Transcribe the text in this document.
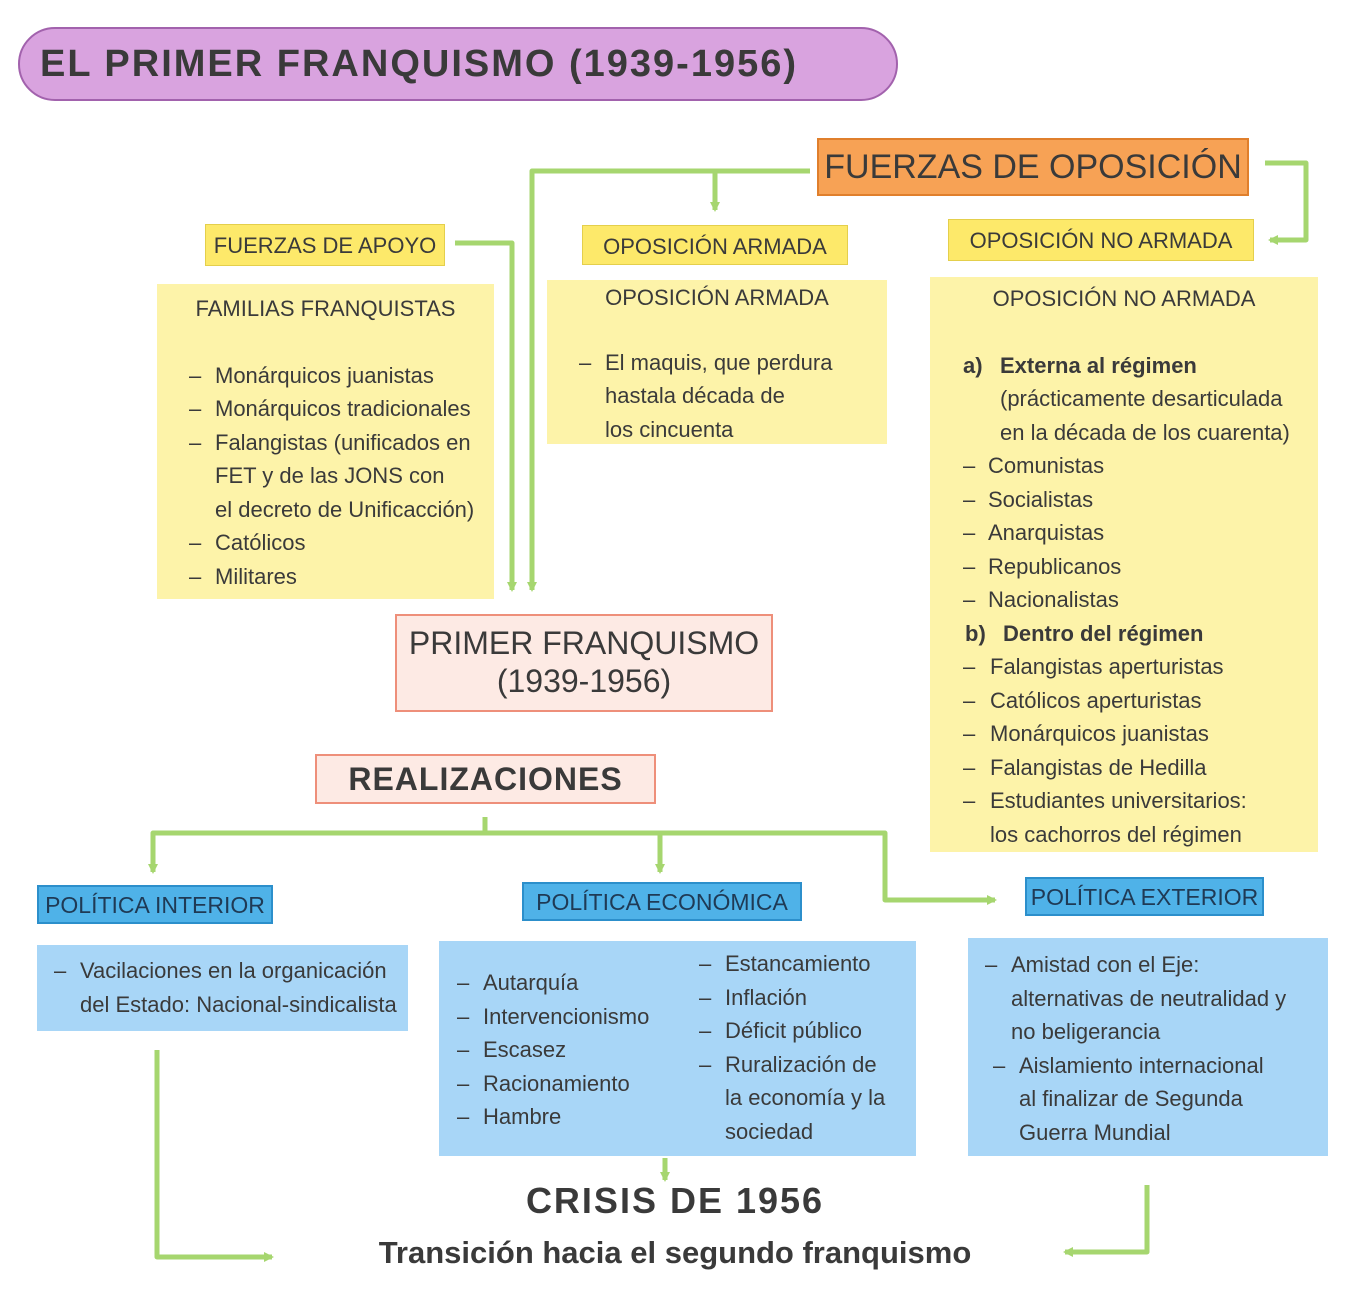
EL PRIMER FRANQUISMO (1939-1956)
FUERZAS DE OPOSICIÓN
FUERZAS DE APOYO	OPOSICIÓN ARMADA	OPOSICIÓN NO ARMADA
FAMILIAS FRANQUISTAS
– Monárquicos juanistas
– Monárquicos tradicionales
– Falangistas (unificados en
FET y de las JONS con
el decreto de Unificacción)
– Católicos
– Militares
OPOSICIÓN ARMADA
– El maquis, que perdura
hastala década de
los cincuenta
OPOSICIÓN NO ARMADA
a) Externa al régimen
(prácticamente desarticulada
en la década de los cuarenta)
– Comunistas
– Socialistas
– Anarquistas
– Republicanos
– Nacionalistas
b) Dentro del régimen
– Falangistas aperturistas
– Católicos aperturistas
– Monárquicos juanistas
– Falangistas de Hedilla
– Estudiantes universitarios:
los cachorros del régimen
PRIMER FRANQUISMO
(1939-1956)
REALIZACIONES
POLÍTICA INTERIOR	POLÍTICA ECONÓMICA	POLÍTICA EXTERIOR
– Vacilaciones en la organicación
del Estado: Nacional-sindicalista
– Autarquía
– Intervencionismo
– Escasez
– Racionamiento
– Hambre
– Estancamiento
– Inflación
– Déficit público
– Ruralización de
la economía y la
sociedad
– Amistad con el Eje:
alternativas de neutralidad y
no beligerancia
– Aislamiento internacional
al finalizar de Segunda
Guerra Mundial
CRISIS DE 1956
Transición hacia el segundo franquismo
